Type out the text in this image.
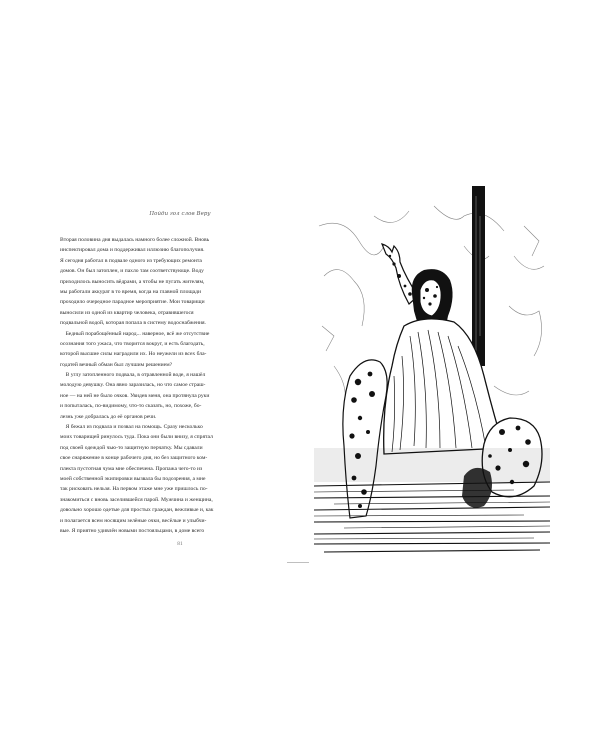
Пойди гол слов Веру

Вторая половина дня выдалась намного более сложной. Вновь
инспектировал дома и поддерживал иллюзию благополучия.
Я сегодня работал в подвале одного из требующих ремонта
домов. Он был затоплен, и пахло там соответствующе. Воду
приходилось выносить вёдрами, а чтобы не пугать жителям,
мы работали аккурат в то время, когда на главной площади
проходило очередное парадное мероприятие. Мои товарищи
выносили из одной из квартир человека, отравившегося
подвальной водой, которая попала в систему водоснабжения.

 Бедный порабощённый народ... наверное, всё же отсутствие
осознания того ужаса, что творится вокруг, и есть благодать,
которой высшие силы наградили их. Но неужели из всех бла-
годатей вечный обман был лучшим решением?

 В углу затопленного подвала, в отравленной воде, я нашёл
молодую девушку. Она явно заразилась, но что самое страш-
ное — на ней не было очков. Увидев меня, она протянула руки
и попыталась, по-видимому, что-то сказать, но, похоже, бо-
лезнь уже добралась до её органов речи.

 Я бежал из подвала и позвал на помощь. Сразу несколько
моих товарищей ринулось туда. Пока они были внизу, я спрятал
под своей одеждой чью-то защитную перчатку. Мы сдавали
свое снаряжение в конце рабочего дня, но без защитного ком-
плекта пустотная чума мне обеспечена. Пропажа чего-то из
моей собственной экипировки вызвала бы подозрения, а мне
так рисковать нельзя. На первом этаже мне уже пришлось по-
знакомиться с вновь заселившейся парой. Мужчина и женщина,
довольно хорошо одетые для простых граждан, вежливые и, как
и полагается всем носящим зелёные очки, весёлые и улыбчи-
вые. Я приятно удивлён новыми постояльцами, в доме всего

81
